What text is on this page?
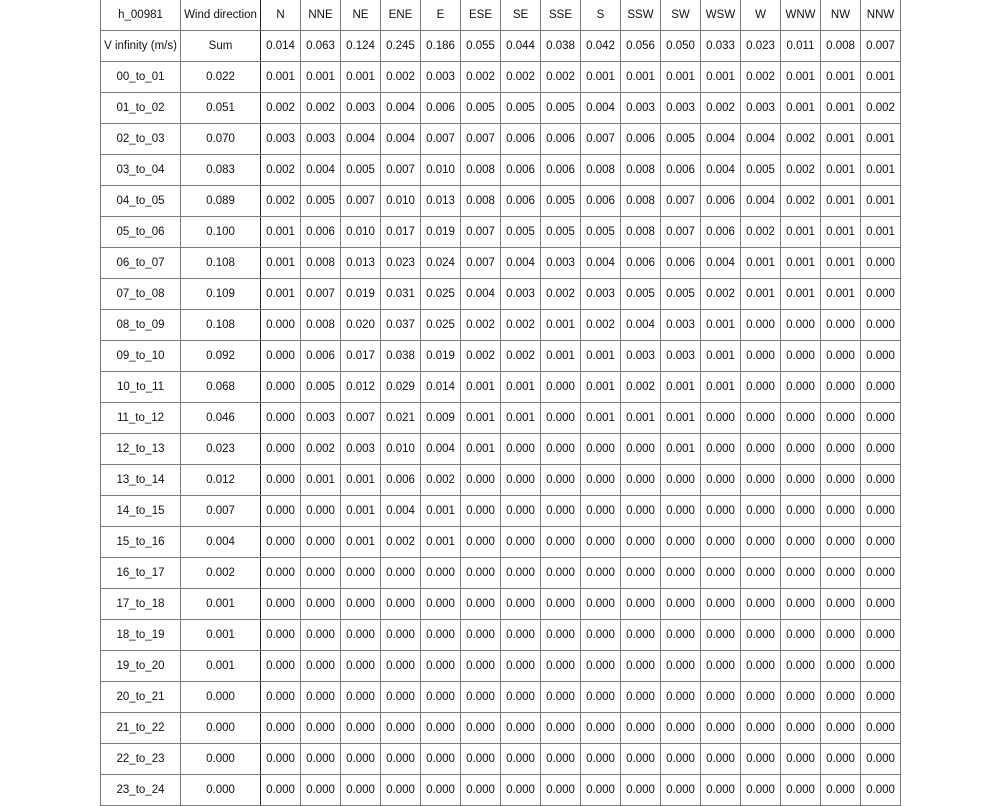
h_00981	Wind direction	N	NNE	NE	ENE	E	ESE	SE	SSE	S	SSW	SW	WSW	W	WNW	NW	NNW
V infinity (m/s)	Sum	0.014	0.063	0.124	0.245	0.186	0.055	0.044	0.038	0.042	0.056	0.050	0.033	0.023	0.011	0.008	0.007
00_to_01	0.022	0.001	0.001	0.001	0.002	0.003	0.002	0.002	0.002	0.001	0.001	0.001	0.001	0.002	0.001	0.001	0.001
01_to_02	0.051	0.002	0.002	0.003	0.004	0.006	0.005	0.005	0.005	0.004	0.003	0.003	0.002	0.003	0.001	0.001	0.002
02_to_03	0.070	0.003	0.003	0.004	0.004	0.007	0.007	0.006	0.006	0.007	0.006	0.005	0.004	0.004	0.002	0.001	0.001
03_to_04	0.083	0.002	0.004	0.005	0.007	0.010	0.008	0.006	0.006	0.008	0.008	0.006	0.004	0.005	0.002	0.001	0.001
04_to_05	0.089	0.002	0.005	0.007	0.010	0.013	0.008	0.006	0.005	0.006	0.008	0.007	0.006	0.004	0.002	0.001	0.001
05_to_06	0.100	0.001	0.006	0.010	0.017	0.019	0.007	0.005	0.005	0.005	0.008	0.007	0.006	0.002	0.001	0.001	0.001
06_to_07	0.108	0.001	0.008	0.013	0.023	0.024	0.007	0.004	0.003	0.004	0.006	0.006	0.004	0.001	0.001	0.001	0.000
07_to_08	0.109	0.001	0.007	0.019	0.031	0.025	0.004	0.003	0.002	0.003	0.005	0.005	0.002	0.001	0.001	0.001	0.000
08_to_09	0.108	0.000	0.008	0.020	0.037	0.025	0.002	0.002	0.001	0.002	0.004	0.003	0.001	0.000	0.000	0.000	0.000
09_to_10	0.092	0.000	0.006	0.017	0.038	0.019	0.002	0.002	0.001	0.001	0.003	0.003	0.001	0.000	0.000	0.000	0.000
10_to_11	0.068	0.000	0.005	0.012	0.029	0.014	0.001	0.001	0.000	0.001	0.002	0.001	0.001	0.000	0.000	0.000	0.000
11_to_12	0.046	0.000	0.003	0.007	0.021	0.009	0.001	0.001	0.000	0.001	0.001	0.001	0.000	0.000	0.000	0.000	0.000
12_to_13	0.023	0.000	0.002	0.003	0.010	0.004	0.001	0.000	0.000	0.000	0.000	0.001	0.000	0.000	0.000	0.000	0.000
13_to_14	0.012	0.000	0.001	0.001	0.006	0.002	0.000	0.000	0.000	0.000	0.000	0.000	0.000	0.000	0.000	0.000	0.000
14_to_15	0.007	0.000	0.000	0.001	0.004	0.001	0.000	0.000	0.000	0.000	0.000	0.000	0.000	0.000	0.000	0.000	0.000
15_to_16	0.004	0.000	0.000	0.001	0.002	0.001	0.000	0.000	0.000	0.000	0.000	0.000	0.000	0.000	0.000	0.000	0.000
16_to_17	0.002	0.000	0.000	0.000	0.000	0.000	0.000	0.000	0.000	0.000	0.000	0.000	0.000	0.000	0.000	0.000	0.000
17_to_18	0.001	0.000	0.000	0.000	0.000	0.000	0.000	0.000	0.000	0.000	0.000	0.000	0.000	0.000	0.000	0.000	0.000
18_to_19	0.001	0.000	0.000	0.000	0.000	0.000	0.000	0.000	0.000	0.000	0.000	0.000	0.000	0.000	0.000	0.000	0.000
19_to_20	0.001	0.000	0.000	0.000	0.000	0.000	0.000	0.000	0.000	0.000	0.000	0.000	0.000	0.000	0.000	0.000	0.000
20_to_21	0.000	0.000	0.000	0.000	0.000	0.000	0.000	0.000	0.000	0.000	0.000	0.000	0.000	0.000	0.000	0.000	0.000
21_to_22	0.000	0.000	0.000	0.000	0.000	0.000	0.000	0.000	0.000	0.000	0.000	0.000	0.000	0.000	0.000	0.000	0.000
22_to_23	0.000	0.000	0.000	0.000	0.000	0.000	0.000	0.000	0.000	0.000	0.000	0.000	0.000	0.000	0.000	0.000	0.000
23_to_24	0.000	0.000	0.000	0.000	0.000	0.000	0.000	0.000	0.000	0.000	0.000	0.000	0.000	0.000	0.000	0.000	0.000
